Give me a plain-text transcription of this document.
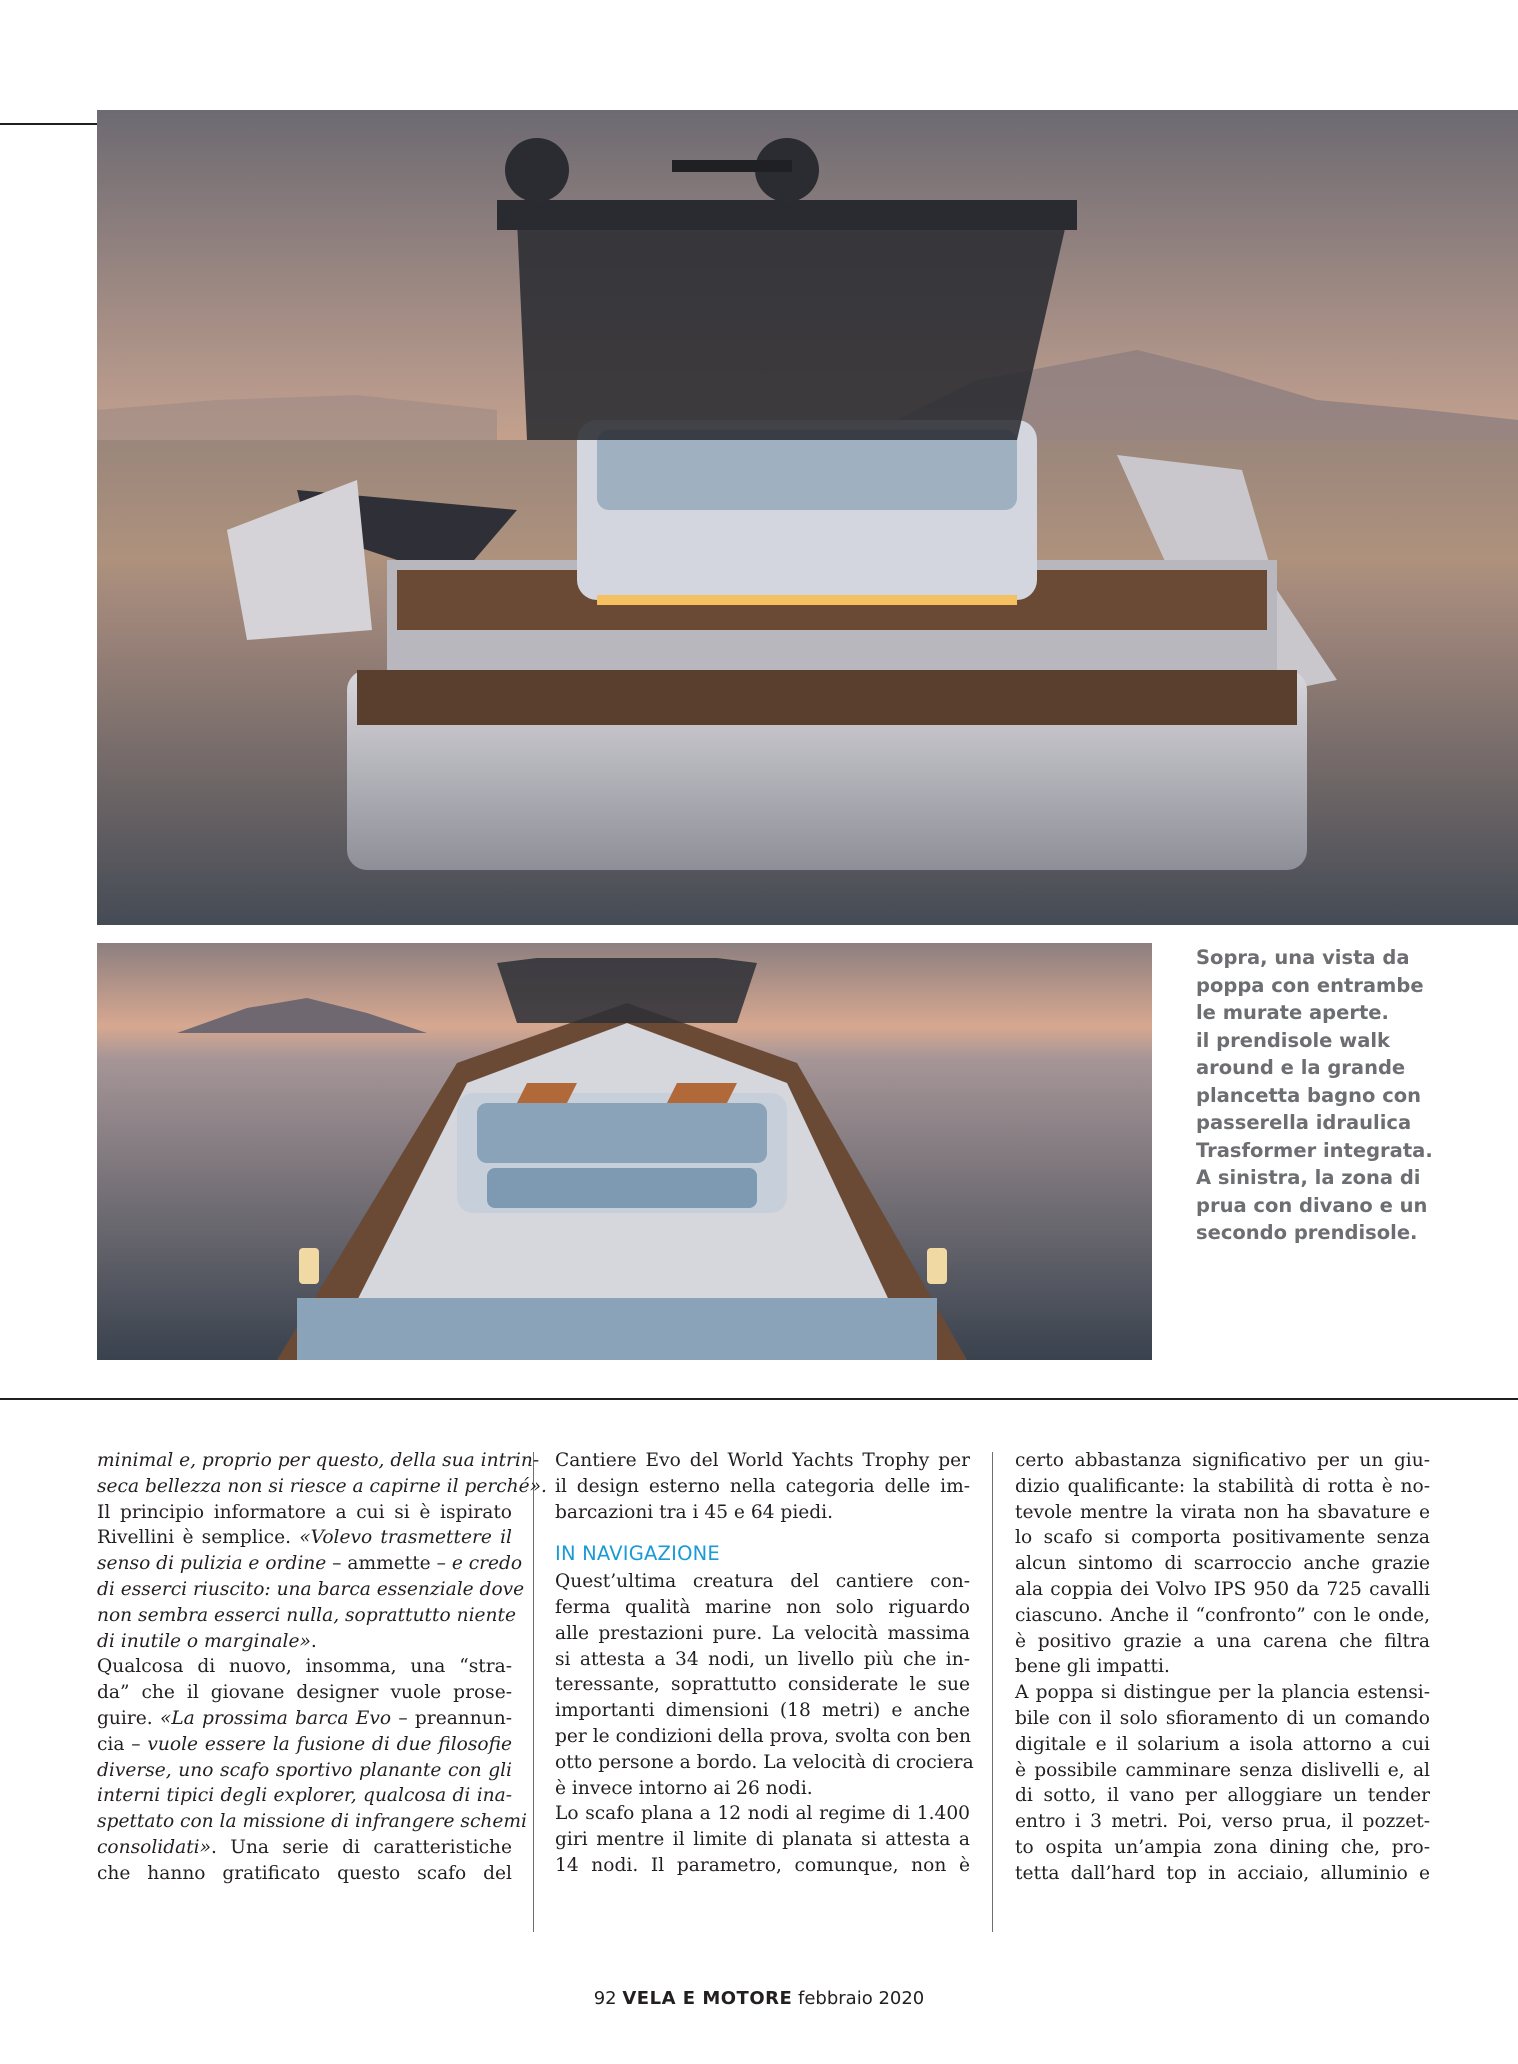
Sopra, una vista da
poppa con entrambe
le murate aperte.
il prendisole walk
around e la grande
plancetta bagno con
passerella idraulica
Trasformer integrata.
A sinistra, la zona di
prua con divano e un
secondo prendisole.
minimal e, proprio per questo, della sua intrin-
seca bellezza non si riesce a capirne il perché».
Il principio informatore a cui si è ispirato
Rivellini è semplice. «Volevo trasmettere il
senso di pulizia e ordine – ammette – e credo
di esserci riuscito: una barca essenziale dove
non sembra esserci nulla, soprattutto niente
di inutile o marginale».
Qualcosa di nuovo, insomma, una “stra-
da” che il giovane designer vuole prose-
guire. «La prossima barca Evo – preannun-
cia – vuole essere la fusione di due filosofie
diverse, uno scafo sportivo planante con gli
interni tipici degli explorer, qualcosa di ina-
spettato con la missione di infrangere schemi
consolidati». Una serie di caratteristiche
che hanno gratificato questo scafo del
Cantiere Evo del World Yachts Trophy per
il design esterno nella categoria delle im-
barcazioni tra i 45 e 64 piedi.
IN NAVIGAZIONE
Quest’ultima creatura del cantiere con-
ferma qualità marine non solo riguardo
alle prestazioni pure. La velocità massima
si attesta a 34 nodi, un livello più che in-
teressante, soprattutto considerate le sue
importanti dimensioni (18 metri) e anche
per le condizioni della prova, svolta con ben
otto persone a bordo. La velocità di crociera
è invece intorno ai 26 nodi.
Lo scafo plana a 12 nodi al regime di 1.400
giri mentre il limite di planata si attesta a
14 nodi. Il parametro, comunque, non è
certo abbastanza significativo per un giu-
dizio qualificante: la stabilità di rotta è no-
tevole mentre la virata non ha sbavature e
lo scafo si comporta positivamente senza
alcun sintomo di scarroccio anche grazie
ala coppia dei Volvo IPS 950 da 725 cavalli
ciascuno. Anche il “confronto” con le onde,
è positivo grazie a una carena che filtra
bene gli impatti.
A poppa si distingue per la plancia estensi-
bile con il solo sfioramento di un comando
digitale e il solarium a isola attorno a cui
è possibile camminare senza dislivelli e, al
di sotto, il vano per alloggiare un tender
entro i 3 metri. Poi, verso prua, il pozzet-
to ospita un’ampia zona dining che, pro-
tetta dall’hard top in acciaio, alluminio e
92 VELA E MOTORE febbraio 2020
